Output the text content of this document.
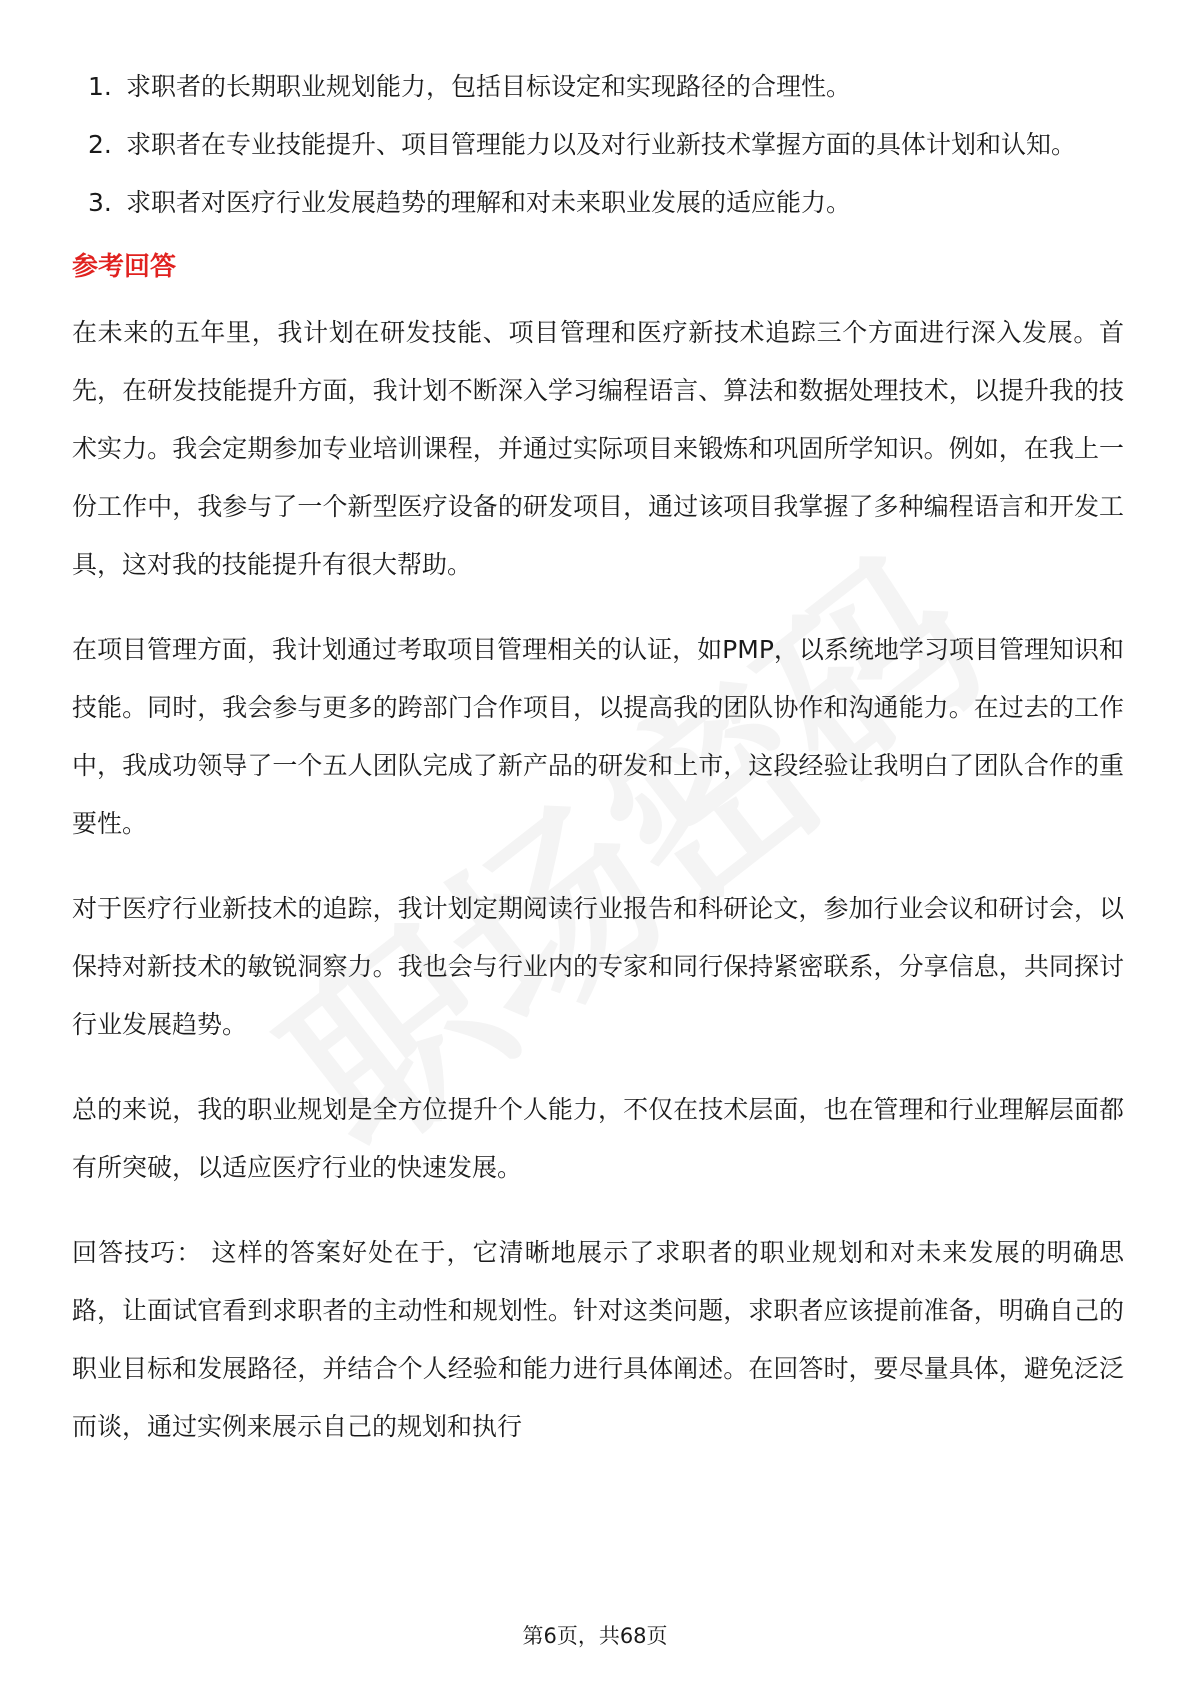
1. 求职者的长期职业规划能力，包括目标设定和实现路径的合理性。
2. 求职者在专业技能提升、项目管理能力以及对行业新技术掌握方面的具体计划和认知。
3. 求职者对医疗行业发展趋势的理解和对未来职业发展的适应能力。
参考回答

在未来的五年里，我计划在研发技能、项目管理和医疗新技术追踪三个方面进行深入发展。首先，在研发技能提升方面，我计划不断深入学习编程语言、算法和数据处理技术，以提升我的技术实力。我会定期参加专业培训课程，并通过实际项目来锻炼和巩固所学知识。例如，在我上一份工作中，我参与了一个新型医疗设备的研发项目，通过该项目我掌握了多种编程语言和开发工具，这对我的技能提升有很大帮助。

在项目管理方面，我计划通过考取项目管理相关的认证，如PMP，以系统地学习项目管理知识和技能。同时，我会参与更多的跨部门合作项目，以提高我的团队协作和沟通能力。在过去的工作中，我成功领导了一个五人团队完成了新产品的研发和上市，这段经验让我明白了团队合作的重要性。

对于医疗行业新技术的追踪，我计划定期阅读行业报告和科研论文，参加行业会议和研讨会，以保持对新技术的敏锐洞察力。我也会与行业内的专家和同行保持紧密联系，分享信息，共同探讨行业发展趋势。

总的来说，我的职业规划是全方位提升个人能力，不仅在技术层面，也在管理和行业理解层面都有所突破，以适应医疗行业的快速发展。

回答技巧： 这样的答案好处在于，它清晰地展示了求职者的职业规划和对未来发展的明确思路，让面试官看到求职者的主动性和规划性。针对这类问题，求职者应该提前准备，明确自己的职业目标和发展路径，并结合个人经验和能力进行具体阐述。在回答时，要尽量具体，避免泛泛而谈，通过实例来展示自己的规划和执行

第6页，共68页
